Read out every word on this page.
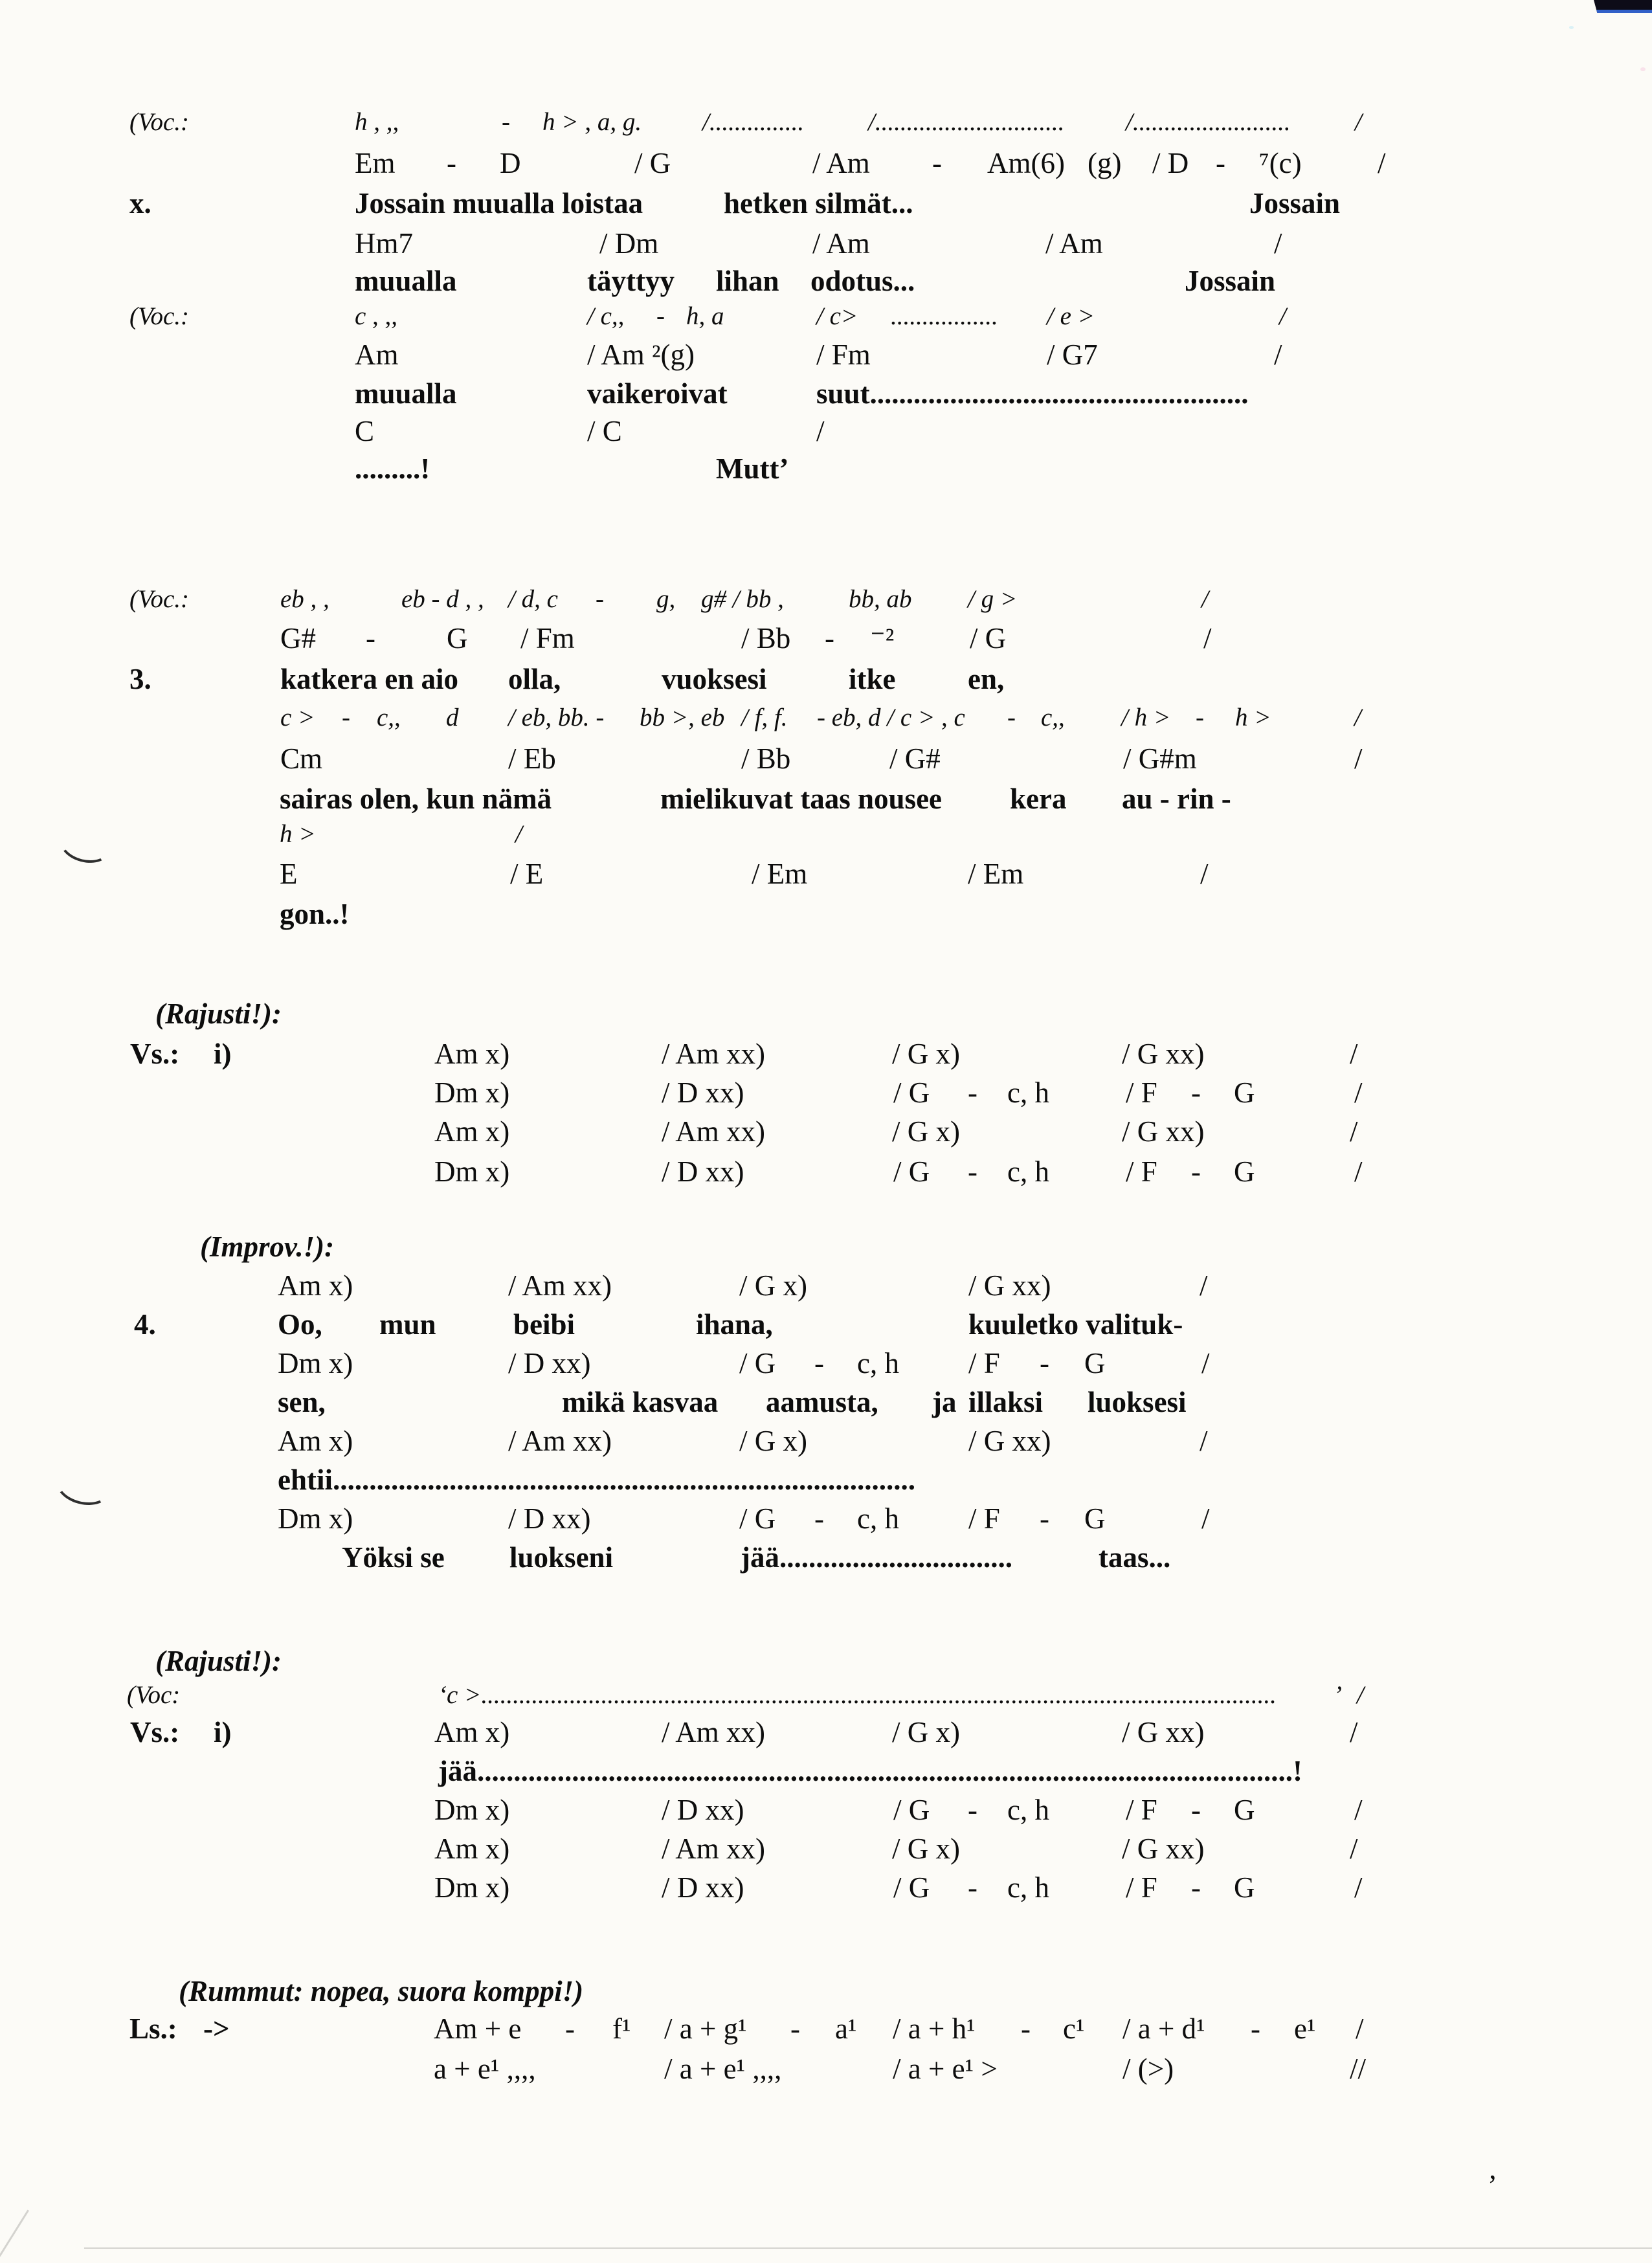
(Voc.:	h , ,,	- h > , a, g. /...............	/.............................. /.........................	/
Em - D	/ G	/ Am - Am(6) (g) / D - ⁷(c)	/
x.	Jossain muualla loistaa	hetken silmät...	Jossain
Hm7	/ Dm	/ Am	/ Am	/
muualla	täyttyy lihan odotus...	Jossain
(Voc.:	c , ,,	/ c,, - h, a	/ c> ................. / e >	/
Am	/ Am ²(g)	/ Fm	/ G7	/
muualla	vaikeroivat	suut....................................................
C	/ C	/
.........!	Mutt’
(Voc.:	eb , ,	eb - d , , / d, c - g, g# / bb ,	bb, ab / g >	/
G# - G / Fm	/ Bb - ⁻²	/ G	/
3.	katkera en aio olla,	vuoksesi	itke en,
c > - c,, d / eb, bb. - bb >, eb / f, f. - eb, d / c > , c - c,, / h > - h >	/
Cm	/ Eb	/ Bb	/ G#	/ G#m	/
sairas olen, kun nämä	mielikuvat taas nousee kera au - rin -
h >	/
E	/ E	/ Em	/ Em	/
gon..!
(Rajusti!):
Vs.: i)	Am x)	/ Am xx)	/ G x)	/ G xx)	/
Dm x)	/ D xx)	/ G - c, h	/ F - G	/
Am x)	/ Am xx)	/ G x)	/ G xx)	/
Dm x)	/ D xx)	/ G - c, h	/ F - G	/
(Improv.!):
Am x)	/ Am xx)	/ G x)	/ G xx)	/
4.	Oo, mun	beibi	ihana,	kuuletko valituk-
Dm x)	/ D xx)	/ G - c, h / F - G	/
sen,	mikä kasvaa aamusta, ja illaksi luoksesi
Am x)	/ Am xx)	/ G x)	/ G xx)	/
ehtii................................................................................
Dm x)	/ D xx)	/ G - c, h / F - G	/
Yöksi se luokseni	jää................................	taas...
(Rajusti!):
(Voc:	‘c >.............................................................................................................................. ’ /
Vs.: i)	Am x)	/ Am xx)	/ G x)	/ G xx)	/
jää................................................................................................................!
Dm x)	/ D xx)	/ G - c, h	/ F - G	/
Am x)	/ Am xx)	/ G x)	/ G xx)	/
Dm x)	/ D xx)	/ G - c, h	/ F - G	/
(Rummut: nopea, suora komppi!)
Ls.: ->	Am + e - f¹ / a + g¹ - a¹ / a + h¹ - c¹ / a + d¹ - e¹ /
a + e¹ ,,,,	/ a + e¹ ,,,,	/ a + e¹ >	/ (>)	//
’
